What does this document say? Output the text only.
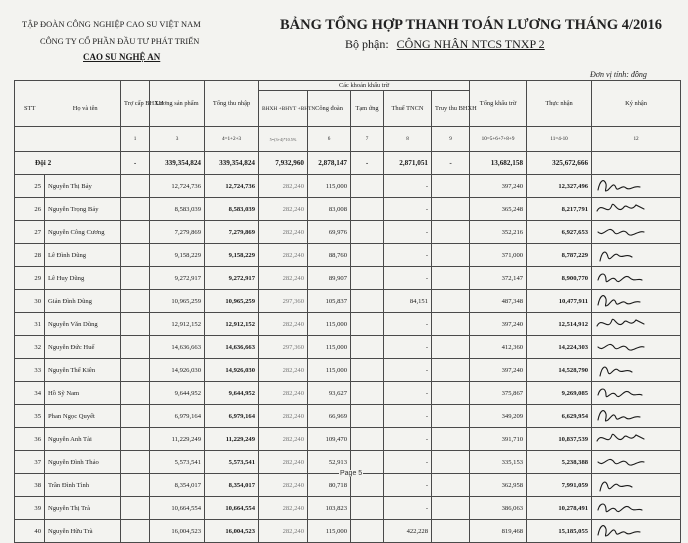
TẬP ĐOÀN CÔNG NGHIỆP CAO SU VIỆT NAM
CÔNG TY CỔ PHẦN ĐẦU TƯ PHÁT TRIỂN
CAO SU NGHỆ AN
BẢNG TỔNG HỢP THANH TOÁN LƯƠNG THÁNG 4/2016
Bộ phận: CÔNG NHÂN NTCS TNXP 2
Đơn vị tính: đồng
STT Họ và tên		Trợ cấp BHXH	Lương sản phẩm	Tổng thu nhập	Các khoản khấu trừ					Tổng khấu trừ	Thực nhận	Ký nhận
					BHXH +BHYT +BHTN	Công đoàn	Tạm ứng	Thuế TNCN	Truy thu BHXH			
		1	3	4=1+2+3	5=(3+4)*10.5%	6	7	8	9	10=5+6+7+8+9	11=4-10	12
Đội 2		-	339,354,824	339,354,824	7,932,960	2,878,147	-	2,871,051	-	13,682,158	325,672,666	
25	Nguyễn Thị Bảy		12,724,736	12,724,736	282,240	115,000		-		397,240	12,327,496	

26	Nguyễn Trọng Bảy		8,583,039	8,583,039	282,240	83,008		-		365,248	8,217,791	

27	Nguyễn Công Cương		7,279,869	7,279,869	282,240	69,976		-		352,216	6,927,653	

28	Lê Đình Dũng		9,158,229	9,158,229	282,240	88,760		-		371,000	8,787,229	

29	Lê Huy Dũng		9,272,917	9,272,917	282,240	89,907		-		372,147	8,900,770	

30	Giản Đình Dũng		10,965,259	10,965,259	297,360	105,837		84,151		487,348	10,477,911	

31	Nguyễn Văn Dũng		12,912,152	12,912,152	282,240	115,000		-		397,240	12,514,912	

32	Nguyễn Đức Huế		14,636,663	14,636,663	297,360	115,000		-		412,360	14,224,303	

33	Nguyễn Thế Kiên		14,926,030	14,926,030	282,240	115,000		-		397,240	14,528,790	

34	Hồ Sỹ Nam		9,644,952	9,644,952	282,240	93,627		-		375,867	9,269,085	

35	Phan Ngọc Quyết		6,979,164	6,979,164	282,240	66,969		-		349,209	6,629,954	

36	Nguyễn Anh Tài		11,229,249	11,229,249	282,240	109,470		-		391,710	10,837,539	

37	Nguyễn Đình Thảo		5,573,541	5,573,541	282,240	52,913		-		335,153	5,238,388	

38	Trần Đình Tình		8,354,017	8,354,017	282,240	80,718		-		362,958	7,991,059	

39	Nguyễn Thị Trà		10,664,554	10,664,554	282,240	103,823		-		386,063	10,278,491	

40	Nguyễn Hữu Trà		16,004,523	16,004,523	282,240	115,000		422,228		819,468	15,185,055	
Page 5
